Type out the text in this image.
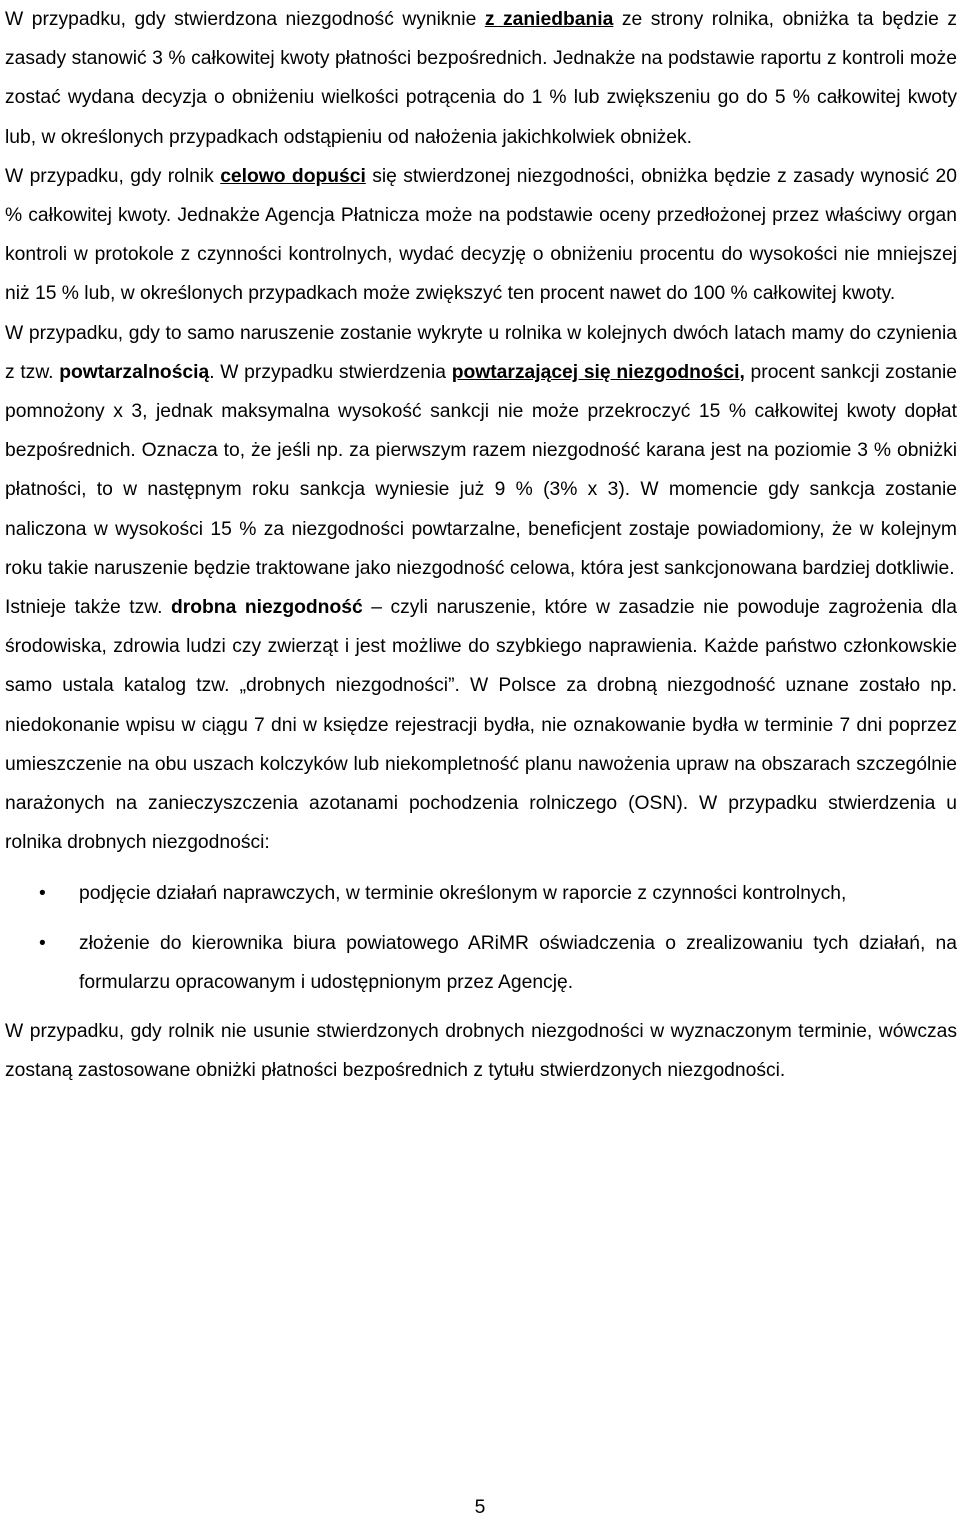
W przypadku, gdy stwierdzona niezgodność wyniknie z zaniedbania ze strony rolnika, obniżka ta będzie z zasady stanowić 3 % całkowitej kwoty płatności bezpośrednich. Jednakże na podstawie raportu z kontroli może zostać wydana decyzja o obniżeniu wielkości potrącenia do 1 % lub zwiększeniu go do 5 % całkowitej kwoty lub, w określonych przypadkach odstąpieniu od nałożenia jakichkolwiek obniżek.

W przypadku, gdy rolnik celowo dopuści się stwierdzonej niezgodności, obniżka będzie z zasady wynosić 20 % całkowitej kwoty. Jednakże Agencja Płatnicza może na podstawie oceny przedłożonej przez właściwy organ kontroli w protokole z czynności kontrolnych, wydać decyzję o obniżeniu procentu do wysokości nie mniejszej niż 15 % lub, w określonych przypadkach może zwiększyć ten procent nawet do 100 % całkowitej kwoty.

W przypadku, gdy to samo naruszenie zostanie wykryte u rolnika w kolejnych dwóch latach mamy do czynienia z tzw. powtarzalnością. W przypadku stwierdzenia powtarzającej się niezgodności, procent sankcji zostanie pomnożony x 3, jednak maksymalna wysokość sankcji nie może przekroczyć 15 % całkowitej kwoty dopłat bezpośrednich. Oznacza to, że jeśli np. za pierwszym razem niezgodność karana jest na poziomie 3 % obniżki płatności, to w następnym roku sankcja wyniesie już 9 % (3% x 3). W momencie gdy sankcja zostanie naliczona w wysokości 15 % za niezgodności powtarzalne, beneficjent zostaje powiadomiony, że w kolejnym roku takie naruszenie będzie traktowane jako niezgodność celowa, która jest sankcjonowana bardziej dotkliwie.

Istnieje także tzw. drobna niezgodność – czyli naruszenie, które w zasadzie nie powoduje zagrożenia dla środowiska, zdrowia ludzi czy zwierząt i jest możliwe do szybkiego naprawienia. Każde państwo członkowskie samo ustala katalog tzw. „drobnych niezgodności”. W Polsce za drobną niezgodność uznane zostało np. niedokonanie wpisu w ciągu 7 dni w księdze rejestracji bydła, nie oznakowanie bydła w terminie 7 dni poprzez umieszczenie na obu uszach kolczyków lub niekompletność planu nawożenia upraw na obszarach szczególnie narażonych na zanieczyszczenia azotanami pochodzenia rolniczego (OSN). W przypadku stwierdzenia u rolnika drobnych niezgodności:

• podjęcie działań naprawczych, w terminie określonym w raporcie z czynności kontrolnych,
• złożenie do kierownika biura powiatowego ARiMR oświadczenia o zrealizowaniu tych działań, na formularzu opracowanym i udostępnionym przez Agencję.

W przypadku, gdy rolnik nie usunie stwierdzonych drobnych niezgodności w wyznaczonym terminie, wówczas zostaną zastosowane obniżki płatności bezpośrednich z tytułu stwierdzonych niezgodności.

5
